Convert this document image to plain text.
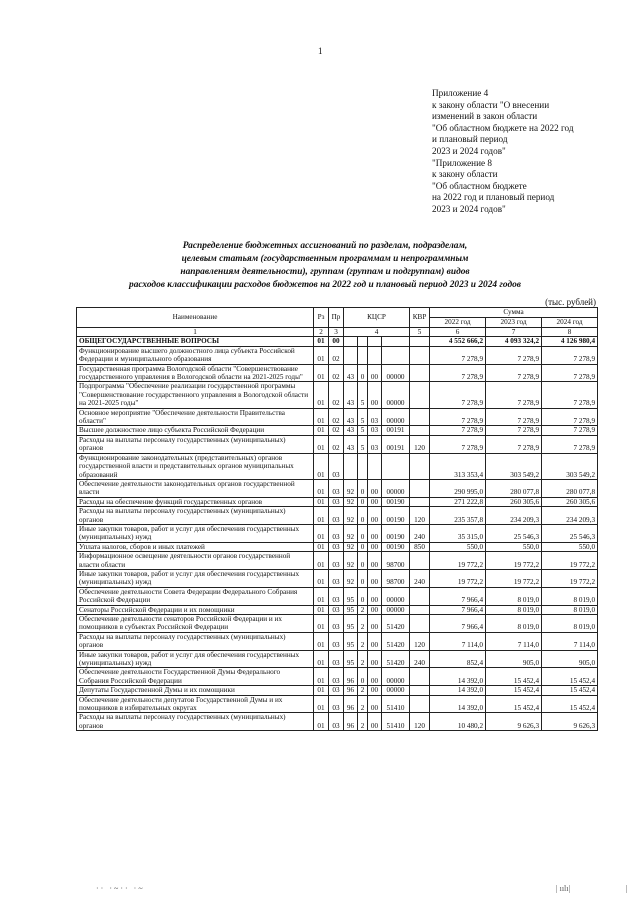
1
Приложение 4
к закону области "О внесении
изменений в закон области
"Об областном бюджете на 2022 год
и плановый период
2023 и 2024 годов"
"Приложение 8
к закону области
"Об областном бюджете
на 2022 год и плановый период
2023 и 2024 годов"
Распределение бюджетных ассигнований по разделам, подразделам,
целевым статьям (государственным программам и непрограммным
направлениям деятельности), группам (группам и подгруппам) видов
расходов классификации расходов бюджетов на 2022 год и плановый период 2023 и 2024 годов
(тыс. рублей)
Наименование	Рз	Пр	КЦСР				КВР	Сумма		
								2022 год	2023 год	2024 год
1	2	3	4				5	6	7	8
ОБЩЕГОСУДАРСТВЕННЫЕ ВОПРОСЫ	01	00						4 552 666,2	4 093 324,2	4 126 980,4
Функционирование высшего должностного лица субъекта Российской Федерации и муниципального образования	01	02						7 278,9	7 278,9	7 278,9
Государственная программа Вологодской области "Совершенствование государственного управления в Вологодской области на 2021-2025 годы"	01	02	43	0	00	00000		7 278,9	7 278,9	7 278,9
Подпрограмма "Обеспечение реализации государственной программы "Совершенствование государственного управления в Вологодской области на 2021-2025 годы"	01	02	43	5	00	00000		7 278,9	7 278,9	7 278,9
Основное мероприятие "Обеспечение деятельности Правительства области"	01	02	43	5	03	00000		7 278,9	7 278,9	7 278,9
Высшее должностное лицо субъекта Российской Федерации	01	02	43	5	03	00191		7 278,9	7 278,9	7 278,9
Расходы на выплаты персоналу государственных (муниципальных) органов	01	02	43	5	03	00191	120	7 278,9	7 278,9	7 278,9
Функционирование законодательных (представительных) органов государственной власти и представительных органов муниципальных образований	01	03						313 353,4	303 549,2	303 549,2
Обеспечение деятельности законодательных органов государственной власти	01	03	92	0	00	00000		290 995,0	280 077,8	280 077,8
Расходы на обеспечение функций государственных органов	01	03	92	0	00	00190		271 222,8	260 305,6	260 305,6
Расходы на выплаты персоналу государственных (муниципальных) органов	01	03	92	0	00	00190	120	235 357,8	234 209,3	234 209,3
Иные закупки товаров, работ и услуг для обеспечения государственных (муниципальных) нужд	01	03	92	0	00	00190	240	35 315,0	25 546,3	25 546,3
Уплата налогов, сборов и иных платежей	01	03	92	0	00	00190	850	550,0	550,0	550,0
Информационное освещение деятельности органов государственной власти области	01	03	92	0	00	98700		19 772,2	19 772,2	19 772,2
Иные закупки товаров, работ и услуг для обеспечения государственных (муниципальных) нужд	01	03	92	0	00	98700	240	19 772,2	19 772,2	19 772,2
Обеспечение деятельности Совета Федерации Федерального Собрания Российской Федерации	01	03	95	0	00	00000		7 966,4	8 019,0	8 019,0
Сенаторы Российской Федерации и их помощники	01	03	95	2	00	00000		7 966,4	8 019,0	8 019,0
Обеспечение деятельности сенаторов Российской Федерации и их помощников в субъектах Российской Федерации	01	03	95	2	00	51420		7 966,4	8 019,0	8 019,0
Расходы на выплаты персоналу государственных (муниципальных) органов	01	03	95	2	00	51420	120	7 114,0	7 114,0	7 114,0
Иные закупки товаров, работ и услуг для обеспечения государственных (муниципальных) нужд	01	03	95	2	00	51420	240	852,4	905,0	905,0
Обеспечение деятельности Государственной Думы Федерального Собрания Российской Федерации	01	03	96	0	00	00000		14 392,0	15 452,4	15 452,4
Депутаты Государственной Думы и их помощники	01	03	96	2	00	00000		14 392,0	15 452,4	15 452,4
Обеспечение деятельности депутатов Государственной Думы и их помощников в избирательных округах	01	03	96	2	00	51410		14 392,0	15 452,4	15 452,4
Расходы на выплаты персоналу государственных (муниципальных) органов	01	03	96	2	00	51410	120	10 480,2	9 626,3	9 626,3
·· ·~·· ·~	| ıılı|	|
